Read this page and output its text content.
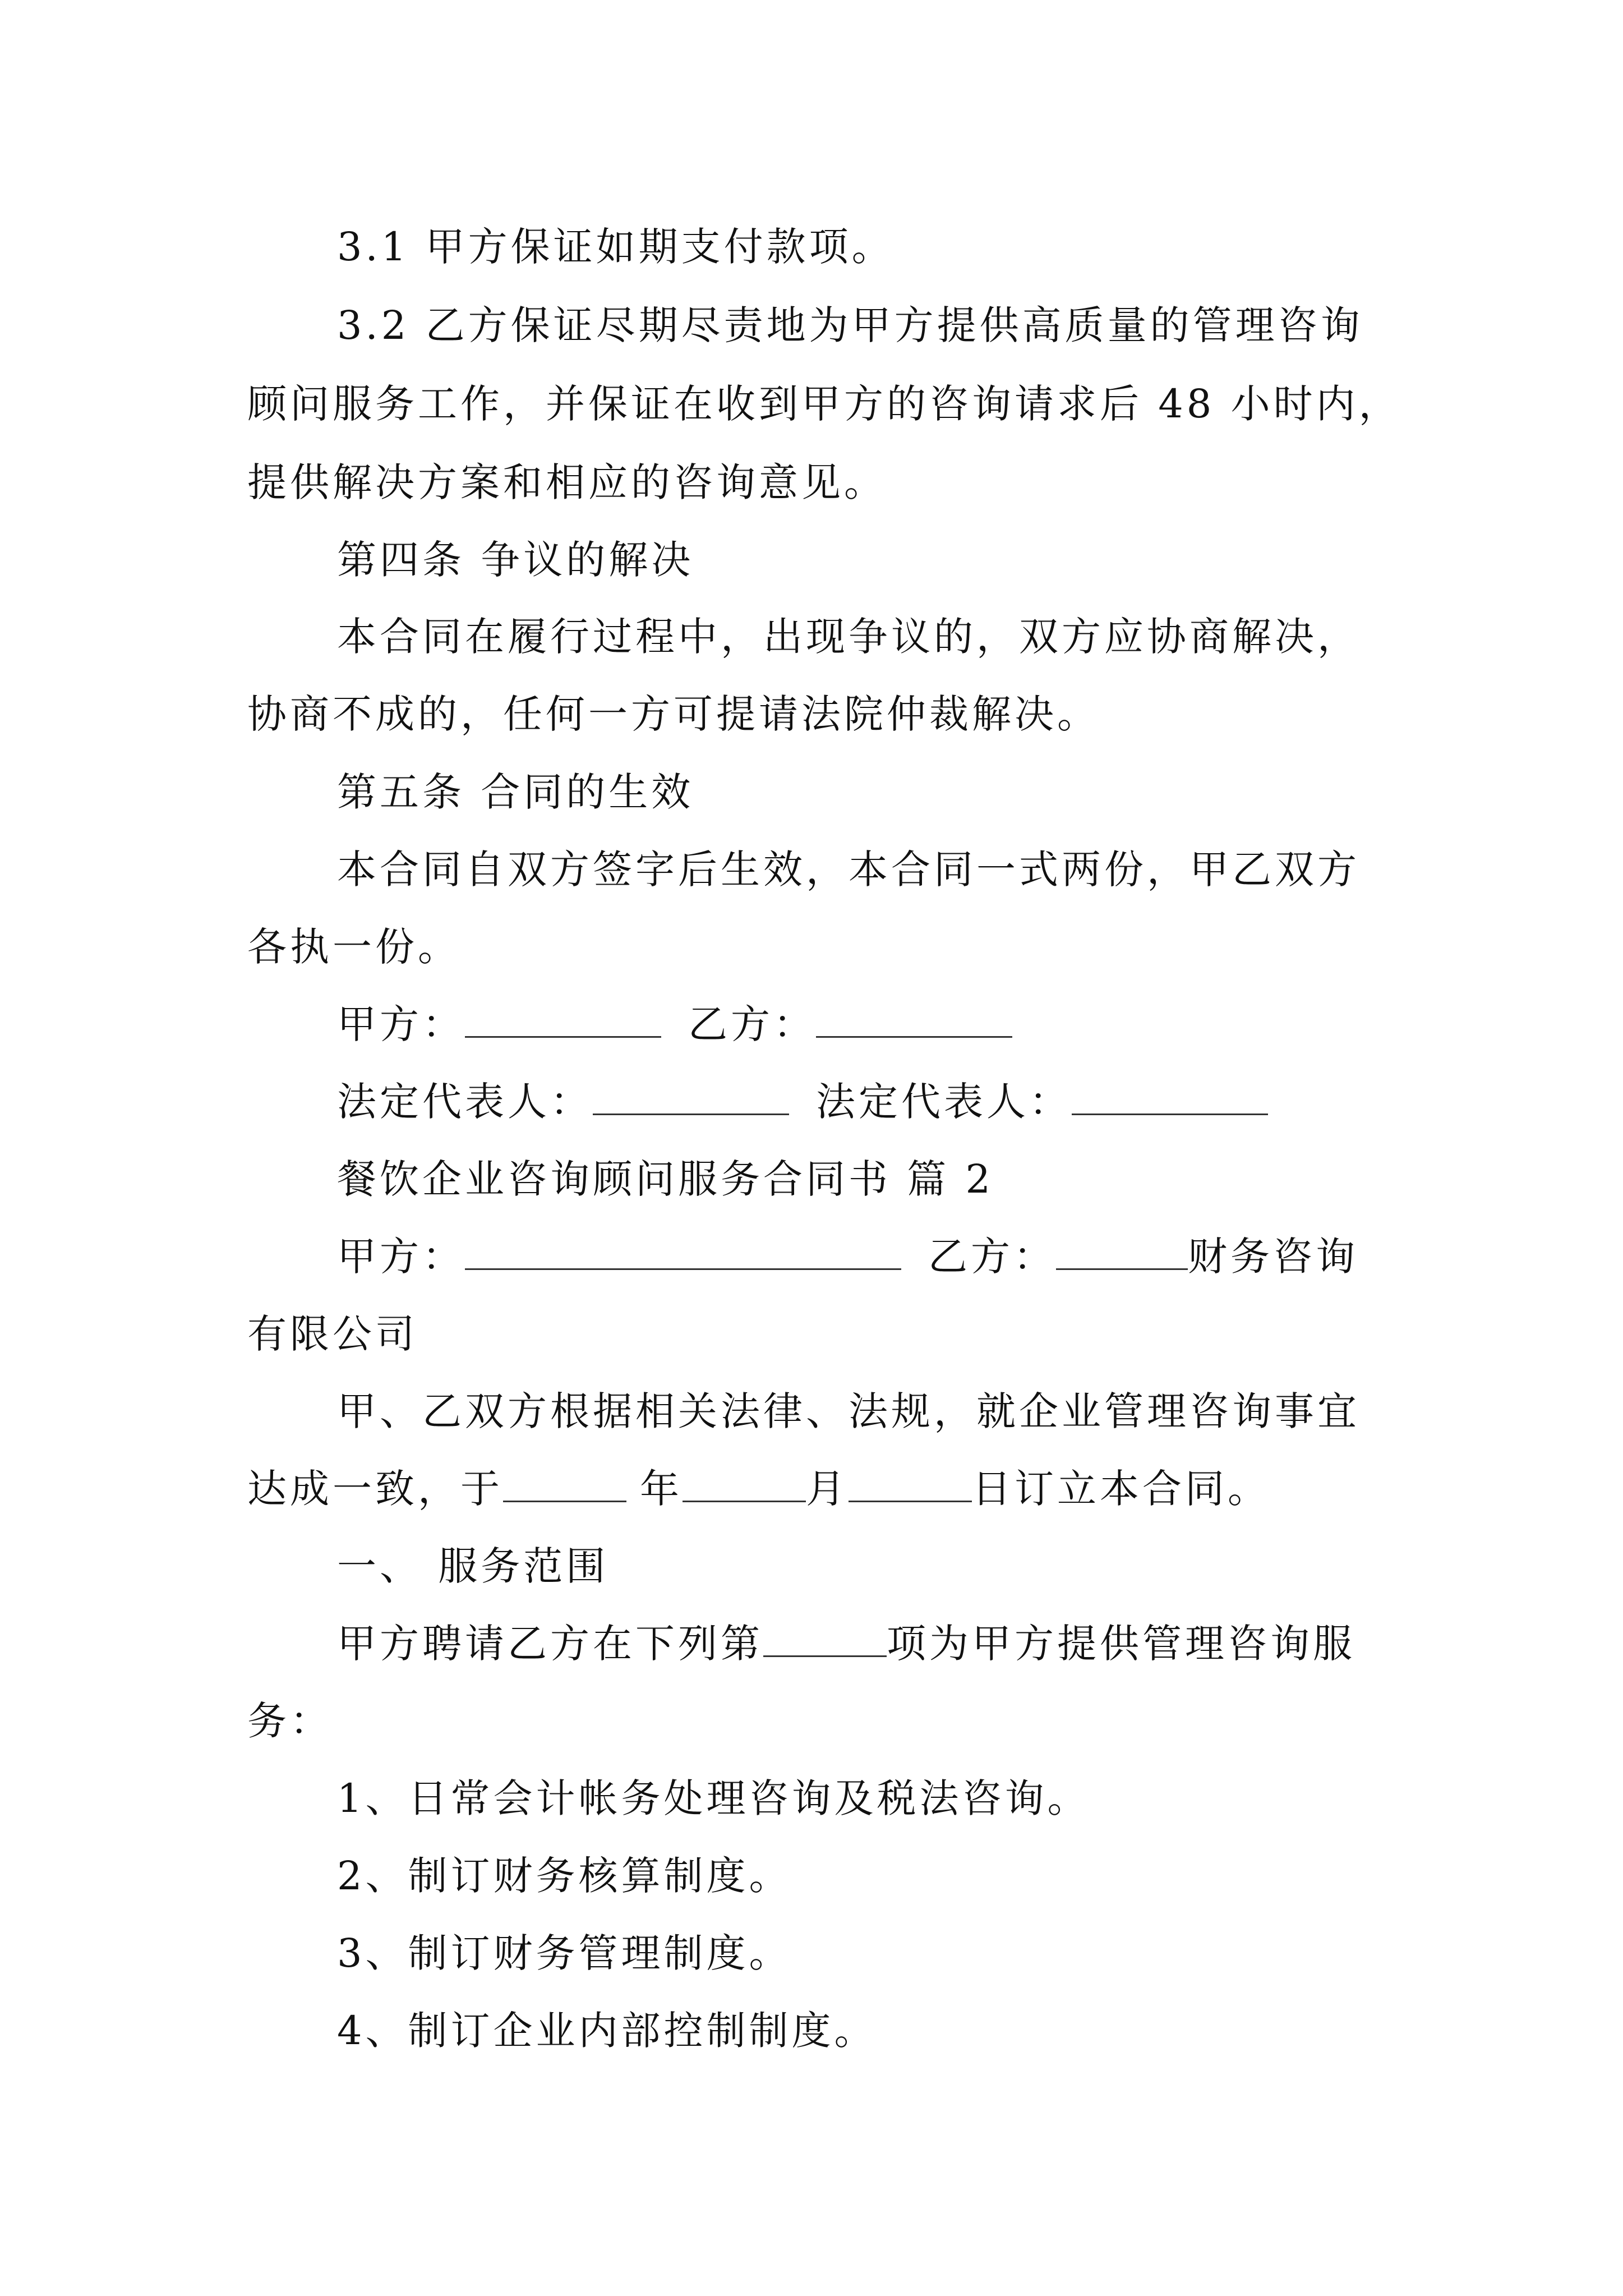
3.1 甲方保证如期支付款项。
3.2 乙方保证尽期尽责地为甲方提供高质量的管理咨询
顾问服务工作，并保证在收到甲方的咨询请求后 48 小时内，
提供解决方案和相应的咨询意见。
第四条 争议的解决
本合同在履行过程中，出现争议的，双方应协商解决，
协商不成的，任何一方可提请法院仲裁解决。
第五条 合同的生效
本合同自双方签字后生效，本合同一式两份，甲乙双方
各执一份。
甲方：	乙方：
法定代表人：	法定代表人：
餐饮企业咨询顾问服务合同书 篇 2
甲方：	乙方：	财务咨询
有限公司
甲、乙双方根据相关法律、法规，就企业管理咨询事宜
达成一致，于	年	月	日订立本合同。
一、 服务范围
甲方聘请乙方在下列第	项为甲方提供管理咨询服
务：
1、日常会计帐务处理咨询及税法咨询。
2、制订财务核算制度。
3、制订财务管理制度。
4、制订企业内部控制制度。
